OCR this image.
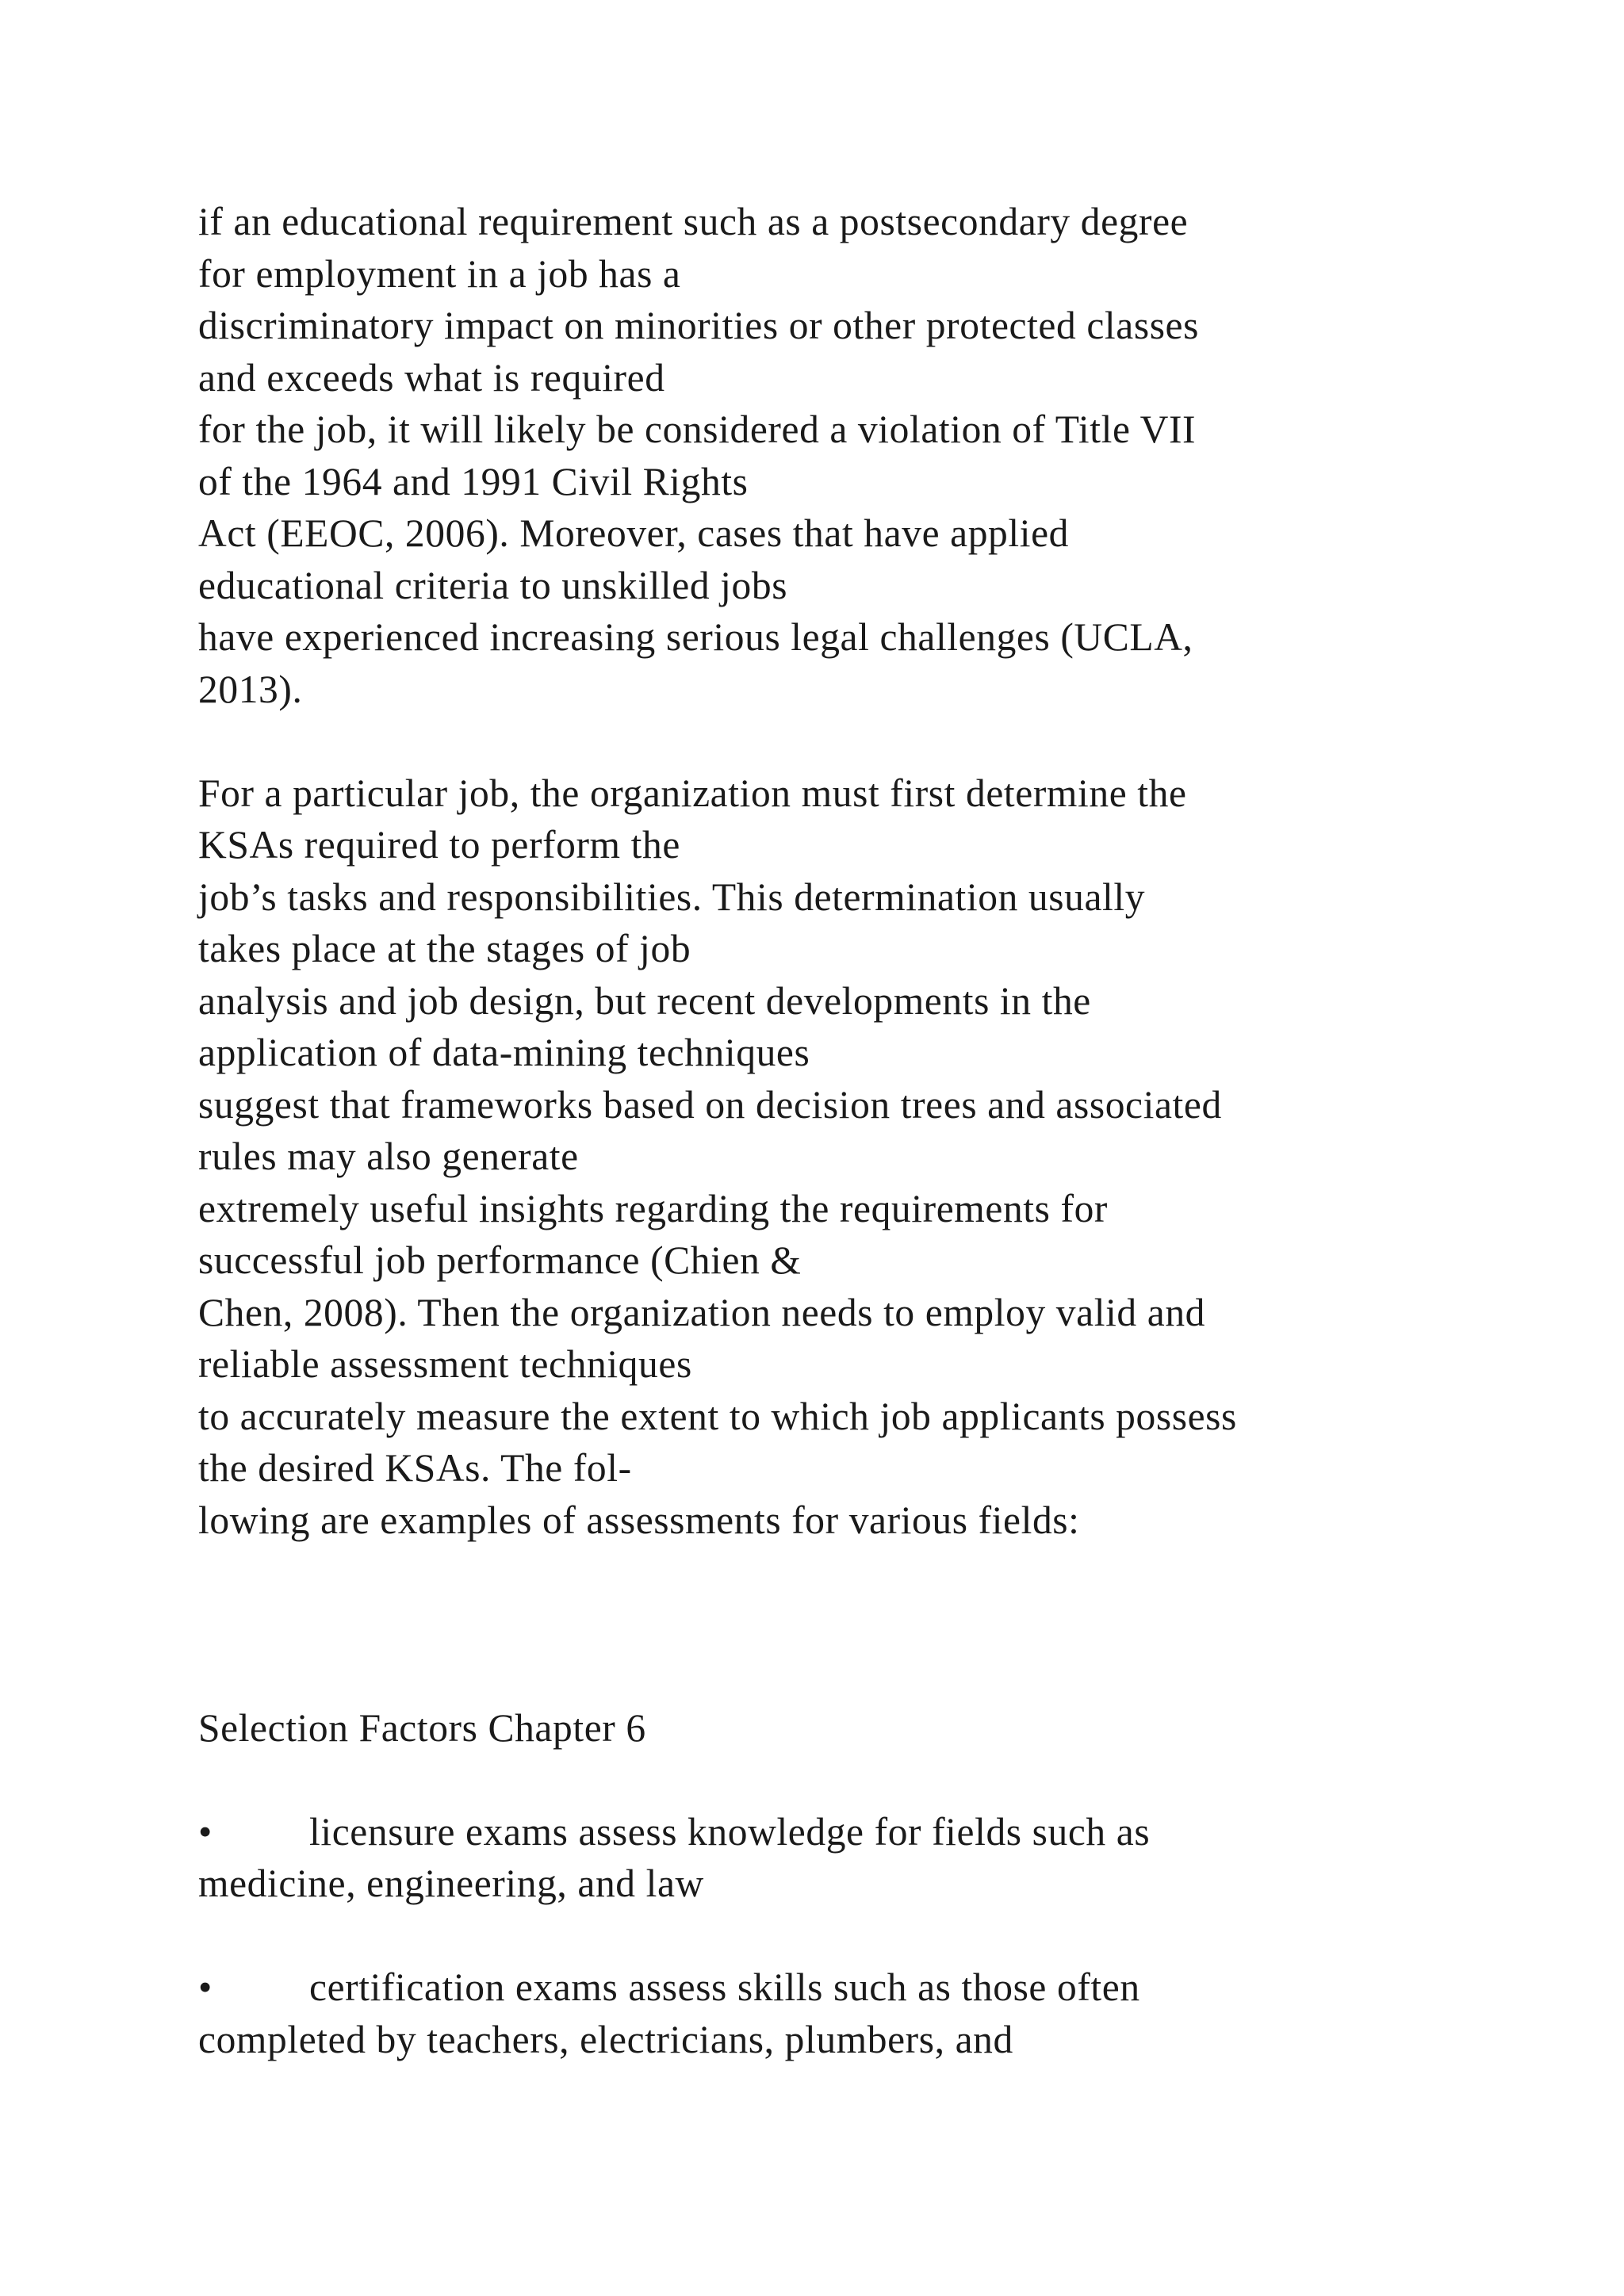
if an educational requirement such as a postsecondary degree
for employment in a job has a
discriminatory impact on minorities or other protected classes
and exceeds what is required
for the job, it will likely be considered a violation of Title VII
of the 1964 and 1991 Civil Rights
Act (EEOC, 2006). Moreover, cases that have applied
educational criteria to unskilled jobs
have experienced increasing serious legal challenges (UCLA,
2013).
For a particular job, the organization must first determine the
KSAs required to perform the
job’s tasks and responsibilities. This determination usually
takes place at the stages of job
analysis and job design, but recent developments in the
application of data-mining techniques
suggest that frameworks based on decision trees and associated
rules may also generate
extremely useful insights regarding the requirements for
successful job performance (Chien &
Chen, 2008). Then the organization needs to employ valid and
reliable assessment techniques
to accurately measure the extent to which job applicants possess
the desired KSAs. The fol-
lowing are examples of assessments for various fields:
Selection Factors Chapter 6
• licensure exams assess knowledge for fields such as
medicine, engineering, and law
• certification exams assess skills such as those often
completed by teachers, electricians, plumbers, and
